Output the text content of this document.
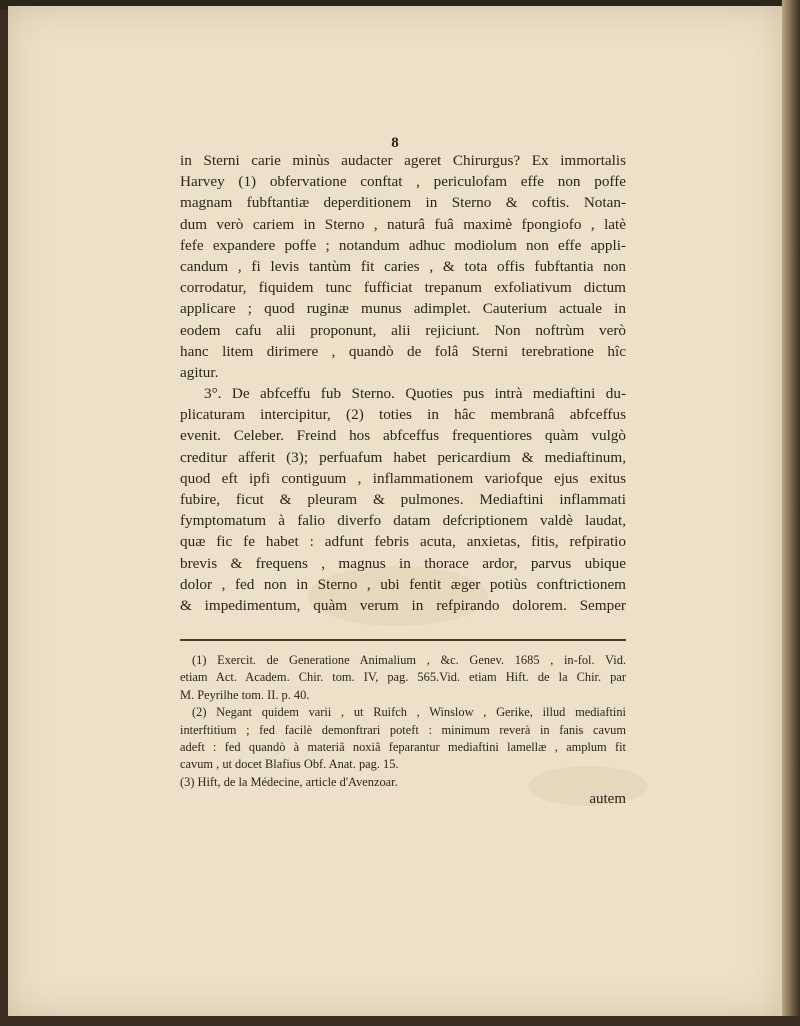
8
in Sterni carie minùs audacter ageret Chirurgus? Ex immortalis
Harvey (1) obfervatione conftat , periculofam effe non poffe
magnam fubftantiæ deperditionem in Sterno & coftis. Notan-
dum verò cariem in Sterno , naturâ fuâ maximè fpongiofo , latè
fefe expandere poffe ; notandum adhuc modiolum non effe appli-
candum , fi levis tantùm fit caries , & tota offis fubftantia non
corrodatur, fiquidem tunc fufficiat trepanum exfoliativum dictum
applicare ; quod ruginæ munus adimplet. Cauterium actuale in
eodem cafu alii proponunt, alii rejiciunt. Non noftrùm verò
hanc litem dirimere , quandò de folâ Sterni terebratione hîc
agitur.
3°. De abfceffu fub Sterno. Quoties pus intrà mediaftini du-
plicaturam intercipitur, (2) toties in hâc membranâ abfceffus
evenit. Celeber. Freind hos abfceffus frequentiores quàm vulgò
creditur afferit (3); perfuafum habet pericardium & mediaftinum,
quod eft ipfi contiguum , inflammationem variofque ejus exitus
fubire, ficut & pleuram & pulmones. Mediaftini inflammati
fymptomatum à falio diverfo datam defcriptionem valdè laudat,
quæ fic fe habet : adfunt febris acuta, anxietas, fitis, refpiratio
brevis & frequens , magnus in thorace ardor, parvus ubique
dolor , fed non in Sterno , ubi fentit æger potiùs conftrictionem
& impedimentum, quàm verum in refpirando dolorem. Semper
(1) Exercit. de Generatione Animalium , &c. Genev. 1685 , in-fol. Vid.
etiam Act. Academ. Chir. tom. IV, pag. 565.Vid. etiam Hift. de la Chir. par
M. Peyrilhe tom. II. p. 40.
(2) Negant quidem varii , ut Ruifch , Winslow , Gerike, illud mediaftini
interftitium ; fed facilè demonftrari poteft : minimum reverà in fanis cavum
adeft : fed quandò à materiâ noxiâ feparantur mediaftini lamellæ , amplum fit
cavum , ut docet Blafius Obf. Anat. pag. 15.
(3) Hift, de la Médecine, article d'Avenzoar.
autem
